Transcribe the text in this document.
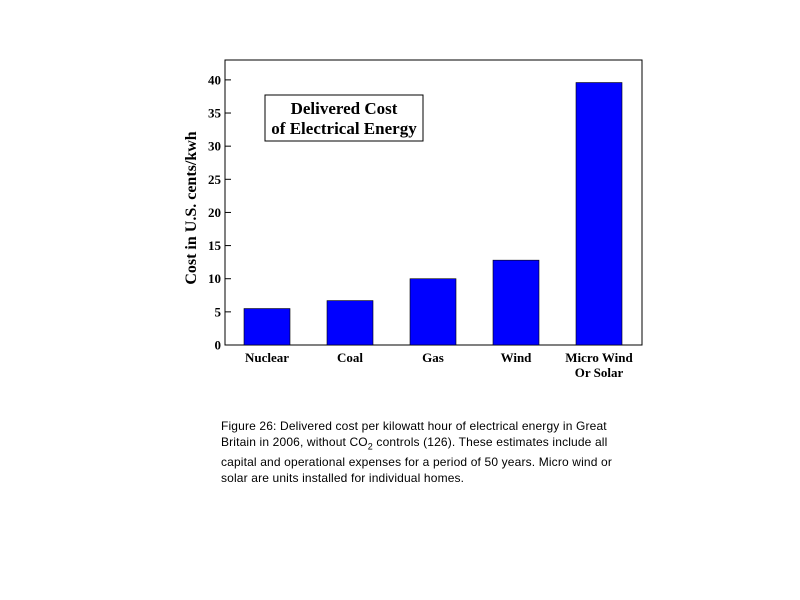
0
5
10
15
20
25
30
35
40
Nuclear	Coal	Gas	Wind	Micro Wind
Or Solar
Cost in U.S. cents/kwh
Delivered Cost
of Electrical Energy
Figure 26: Delivered cost per kilowatt hour of electrical energy in Great
Britain in 2006, without $CO_2$ controls (126). These estimates include all
capital and operational expenses for a period of 50 years. Micro wind or
solar are units installed for individual homes.
